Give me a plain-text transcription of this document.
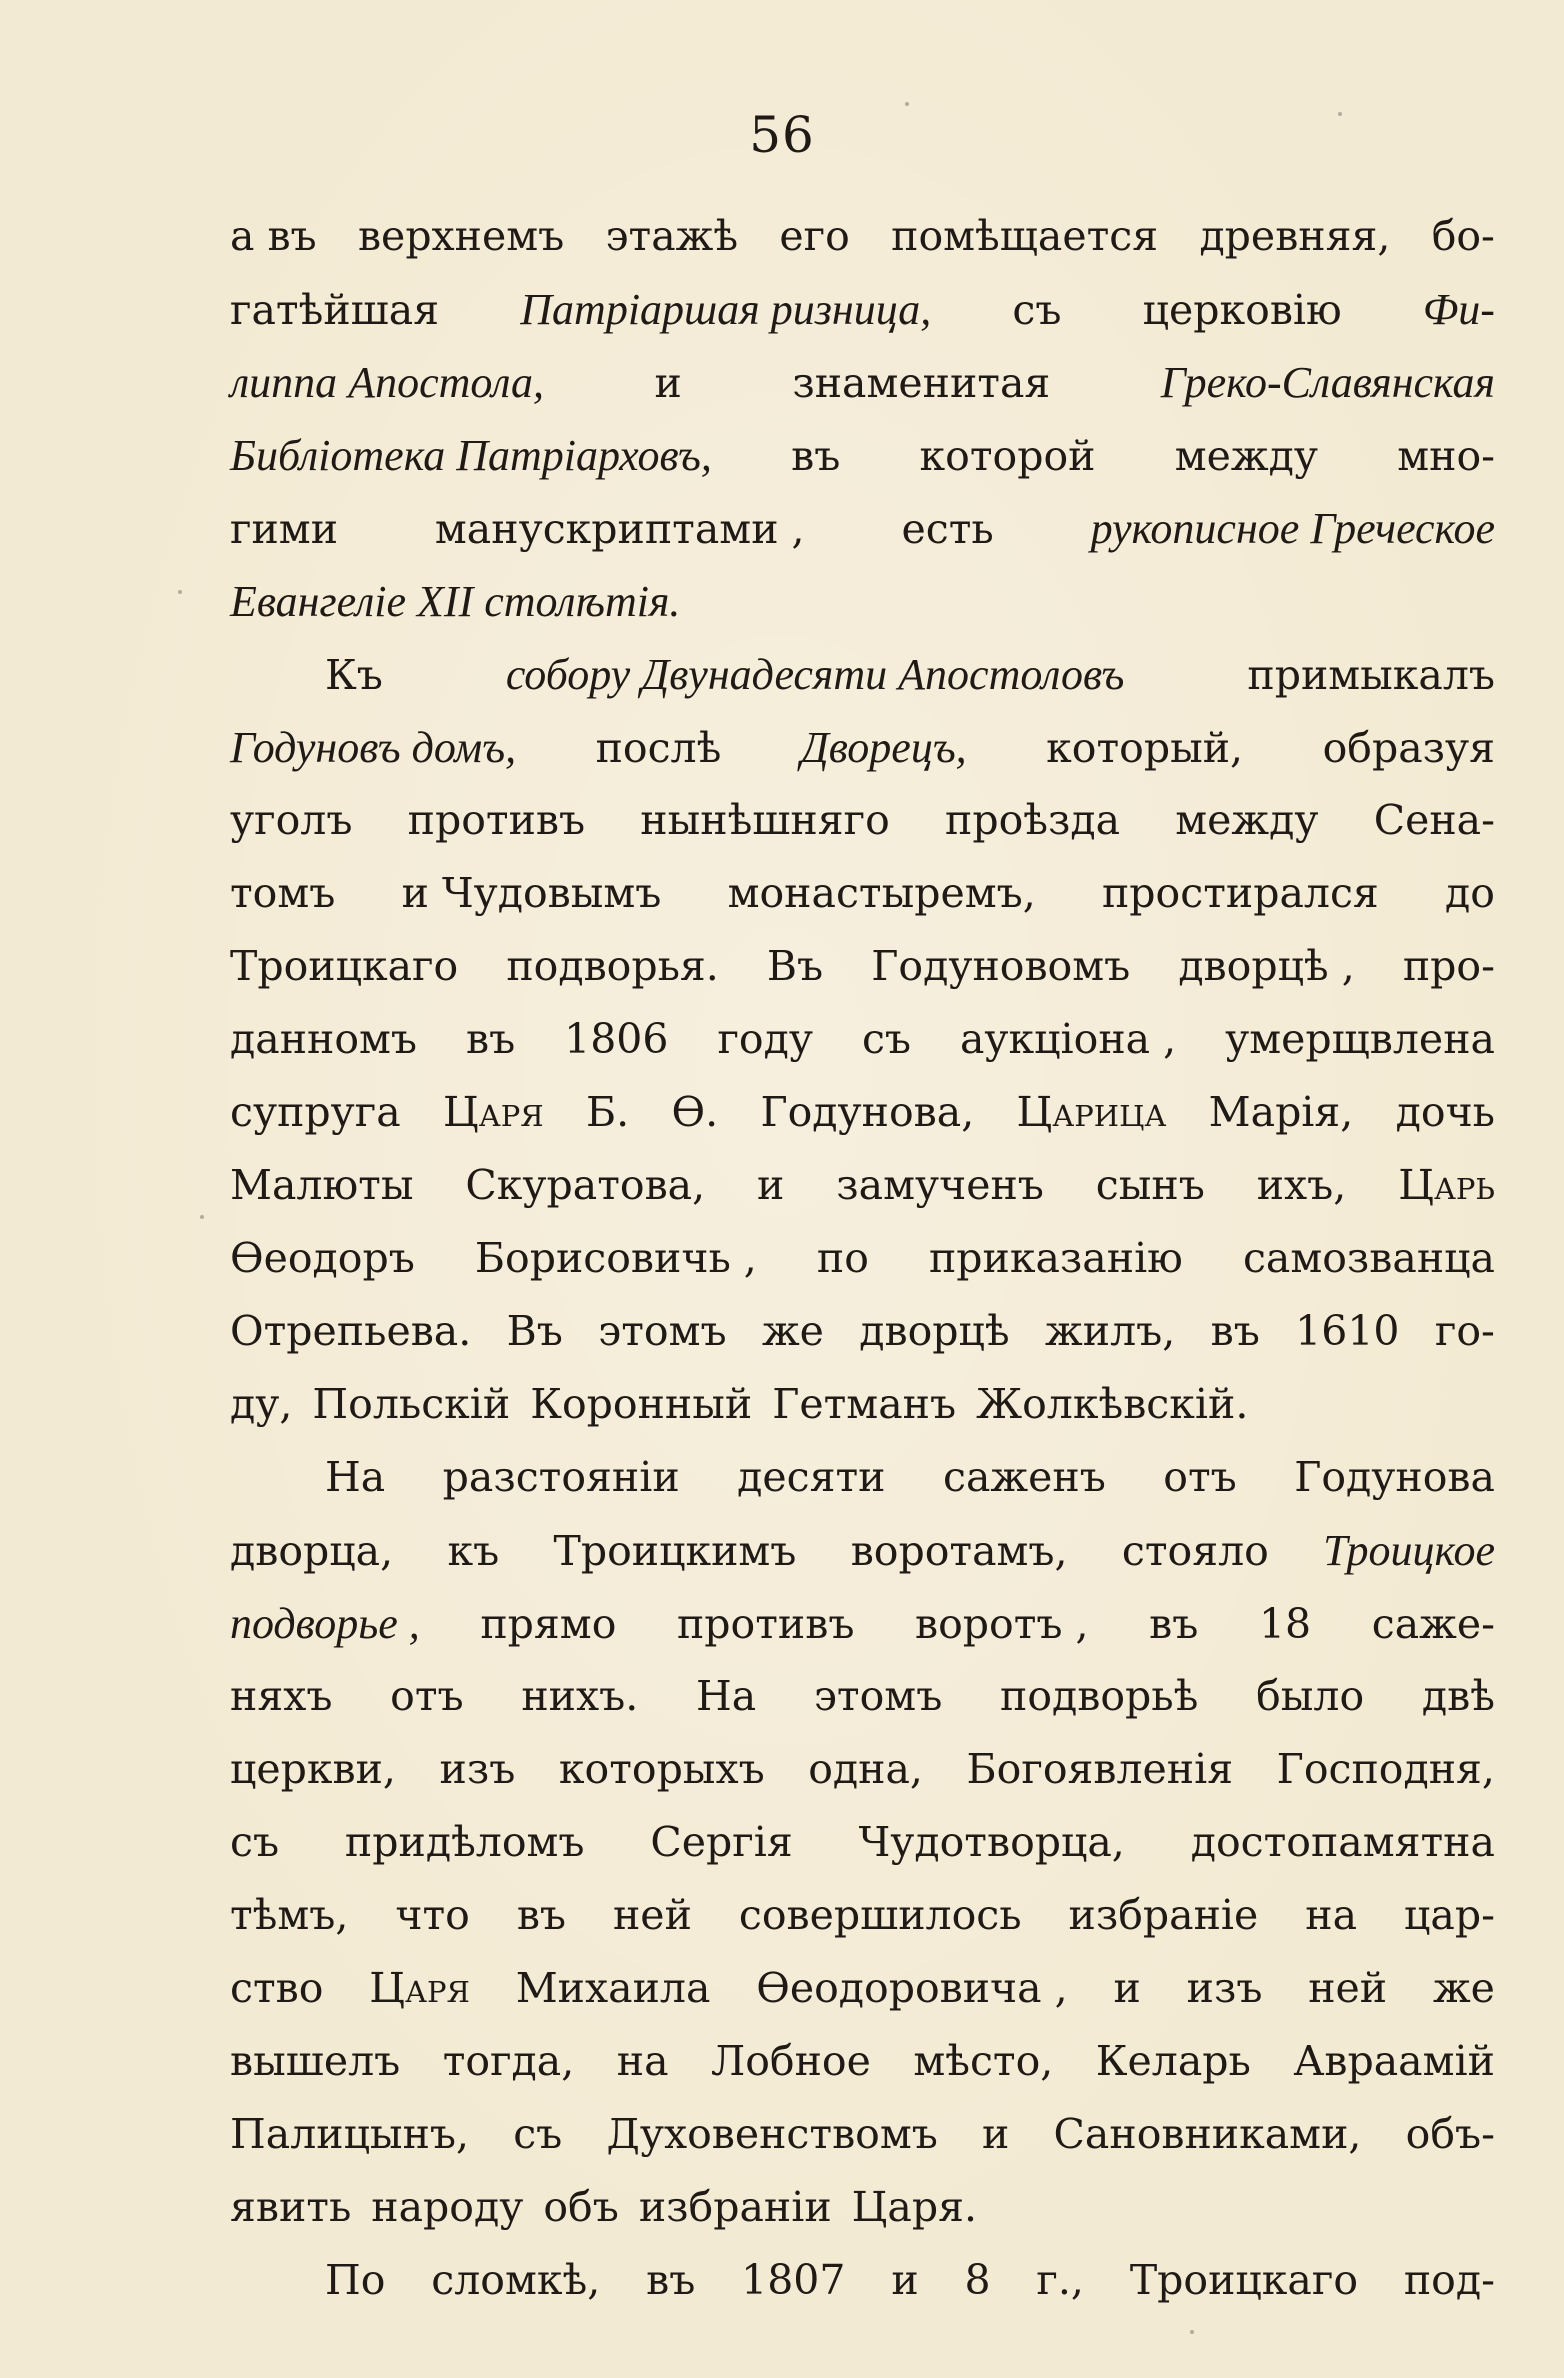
56
а въ верхнемъ этажѣ его помѣщается древняя, бо-
гатѣйшая Патріаршая ризница, съ церковію Фи-
липпа Апостола,	и	знаменитая	Греко-Славянская
Библіотека Патріарховъ, въ которой между мно-
гими манускриптами , есть рукописное Греческое
Евангеліе XII столѣтія.
Къ	собору Двунадесяти Апостоловъ	примыкалъ
Годуновъ домъ, послѣ Дворецъ, который, образуя
уголъ противъ нынѣшняго проѣзда между Сена-
томъ и Чудовымъ монастыремъ, простирался до
Троицкаго подворья. Въ Годуновомъ дворцѣ , про-
данномъ въ 1806 году съ аукціона , умерщвлена
супруга Царя Б. Ѳ. Годунова, Царица Марія, дочь
Малюты Скуратова, и замученъ сынъ ихъ, Царь
Ѳеодоръ Борисовичь , по приказанію самозванца
Отрепьева. Въ этомъ же дворцѣ жилъ, въ 1610 го-
ду, Польскій Коронный Гетманъ Жолкѣвскій.
На разстояніи десяти саженъ отъ Годунова
дворца, къ Троицкимъ воротамъ, стояло Троицкое
подворье , прямо противъ воротъ , въ 18 саже-
няхъ отъ нихъ. На этомъ подворьѣ было двѣ
церкви, изъ которыхъ одна, Богоявленія Господня,
съ придѣломъ Сергія Чудотворца, достопамятна
тѣмъ, что въ ней совершилось избраніе на цар-
ство Царя Михаила Ѳеодоровича , и изъ ней же
вышелъ тогда, на Лобное мѣсто, Келарь Авраамій
Палицынъ, съ Духовенствомъ и Сановниками, объ-
явить народу объ избраніи Царя.
По сломкѣ, въ 1807 и 8 г., Троицкаго под-
